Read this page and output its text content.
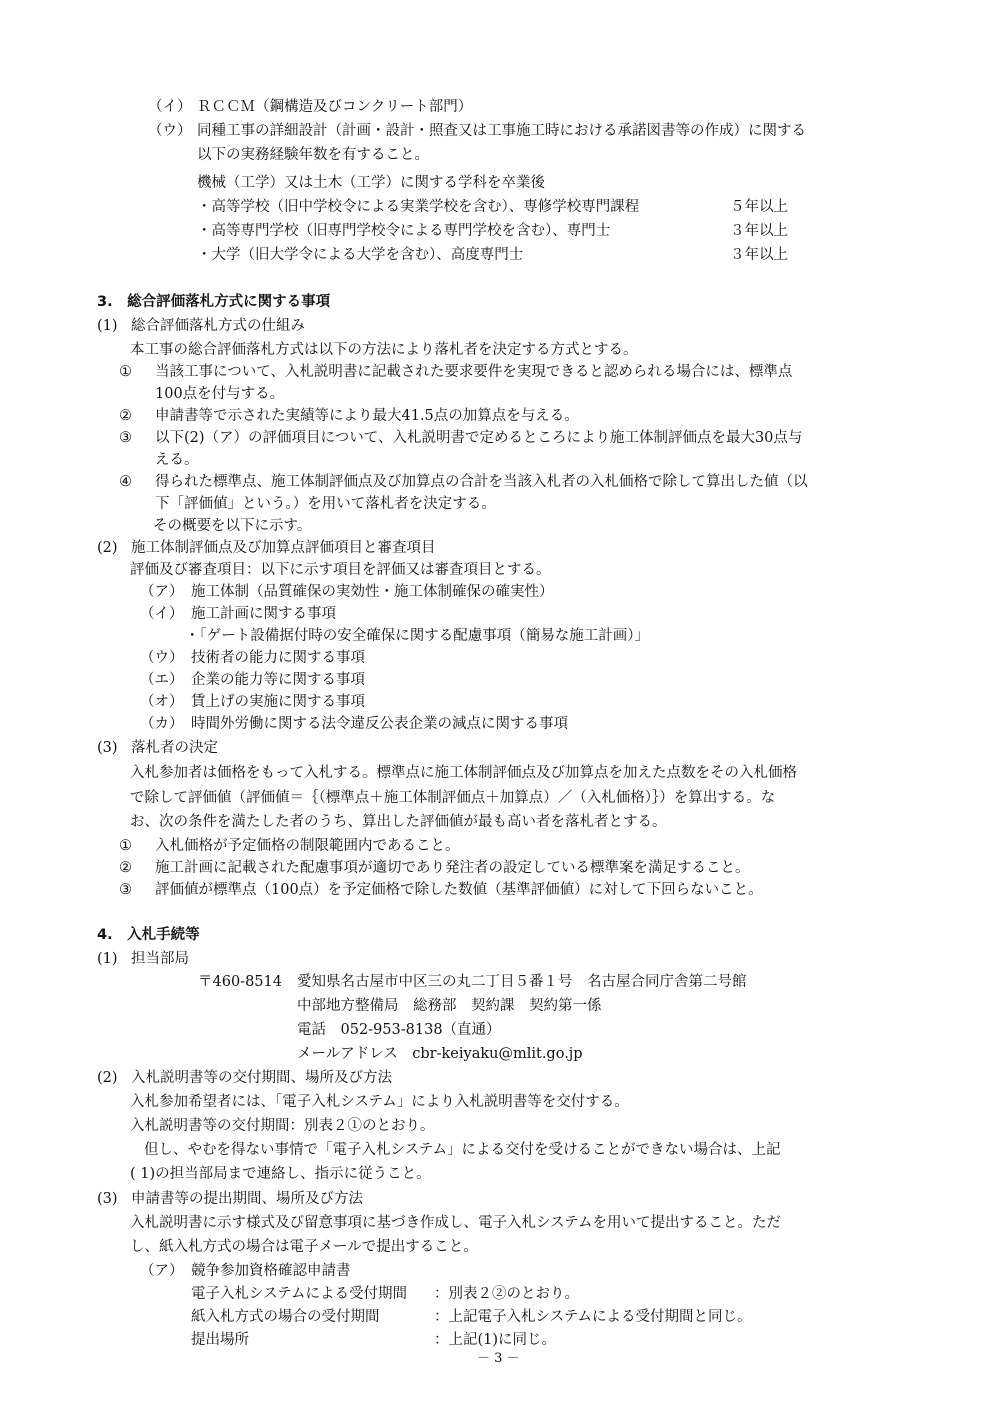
（イ） ＲＣＣＭ（鋼構造及びコンクリート部門）
（ウ） 同種工事の詳細設計（計画・設計・照査又は工事施工時における承諾図書等の作成）に関する
以下の実務経験年数を有すること。
機械（工学）又は土木（工学）に関する学科を卒業後
・高等学校（旧中学校令による実業学校を含む）、専修学校専門課程	５年以上
・高等専門学校（旧専門学校令による専門学校を含む）、専門士	３年以上
・大学（旧大学令による大学を含む）、高度専門士	３年以上
3.　総合評価落札方式に関する事項
(1) 総合評価落札方式の仕組み
本工事の総合評価落札方式は以下の方法により落札者を決定する方式とする。
① 当該工事について、入札説明書に記載された要求要件を実現できると認められる場合には、標準点
100点を付与する。
② 申請書等で示された実績等により最大41.5点の加算点を与える。
③ 以下(2)（ア）の評価項目について、入札説明書で定めるところにより施工体制評価点を最大30点与
える。
④ 得られた標準点、施工体制評価点及び加算点の合計を当該入札者の入札価格で除して算出した値（以
下「評価値」という。）を用いて落札者を決定する。
その概要を以下に示す。
(2) 施工体制評価点及び加算点評価項目と審査項目
評価及び審査項目：以下に示す項目を評価又は審査項目とする。
（ア） 施工体制（品質確保の実効性・施工体制確保の確実性）
（イ） 施工計画に関する事項
・「ゲート設備据付時の安全確保に関する配慮事項（簡易な施工計画）」
（ウ） 技術者の能力に関する事項
（エ） 企業の能力等に関する事項
（オ） 賃上げの実施に関する事項
（カ） 時間外労働に関する法令違反公表企業の減点に関する事項
(3) 落札者の決定
入札参加者は価格をもって入札する。標準点に施工体制評価点及び加算点を加えた点数をその入札価格
で除して評価値（評価値＝｛（標準点＋施工体制評価点＋加算点）／（入札価格）｝）を算出する。な
お、次の条件を満たした者のうち、算出した評価値が最も高い者を落札者とする。
① 入札価格が予定価格の制限範囲内であること。
② 施工計画に記載された配慮事項が適切であり発注者の設定している標準案を満足すること。
③ 評価値が標準点（100点）を予定価格で除した数値（基準評価値）に対して下回らないこと。
4.　入札手続等
(1) 担当部局
〒460-8514 愛知県名古屋市中区三の丸二丁目５番１号　名古屋合同庁舎第二号館
中部地方整備局　総務部　契約課　契約第一係
電話　052-953-8138（直通）
メールアドレス　cbr-keiyaku@mlit.go.jp
(2) 入札説明書等の交付期間、場所及び方法
入札参加希望者には、「電子入札システム」により入札説明書等を交付する。
入札説明書等の交付期間：別表２①のとおり。
但し、やむを得ない事情で「電子入札システム」による交付を受けることができない場合は、上記
( 1)の担当部局まで連絡し、指示に従うこと。
(3) 申請書等の提出期間、場所及び方法
入札説明書に示す様式及び留意事項に基づき作成し、電子入札システムを用いて提出すること。ただ
し、紙入札方式の場合は電子メールで提出すること。
（ア） 競争参加資格確認申請書
電子入札システムによる受付期間 ：別表２②のとおり。
紙入札方式の場合の受付期間	：上記電子入札システムによる受付期間と同じ。
提出場所	：上記(1)に同じ。
－ 3 －
